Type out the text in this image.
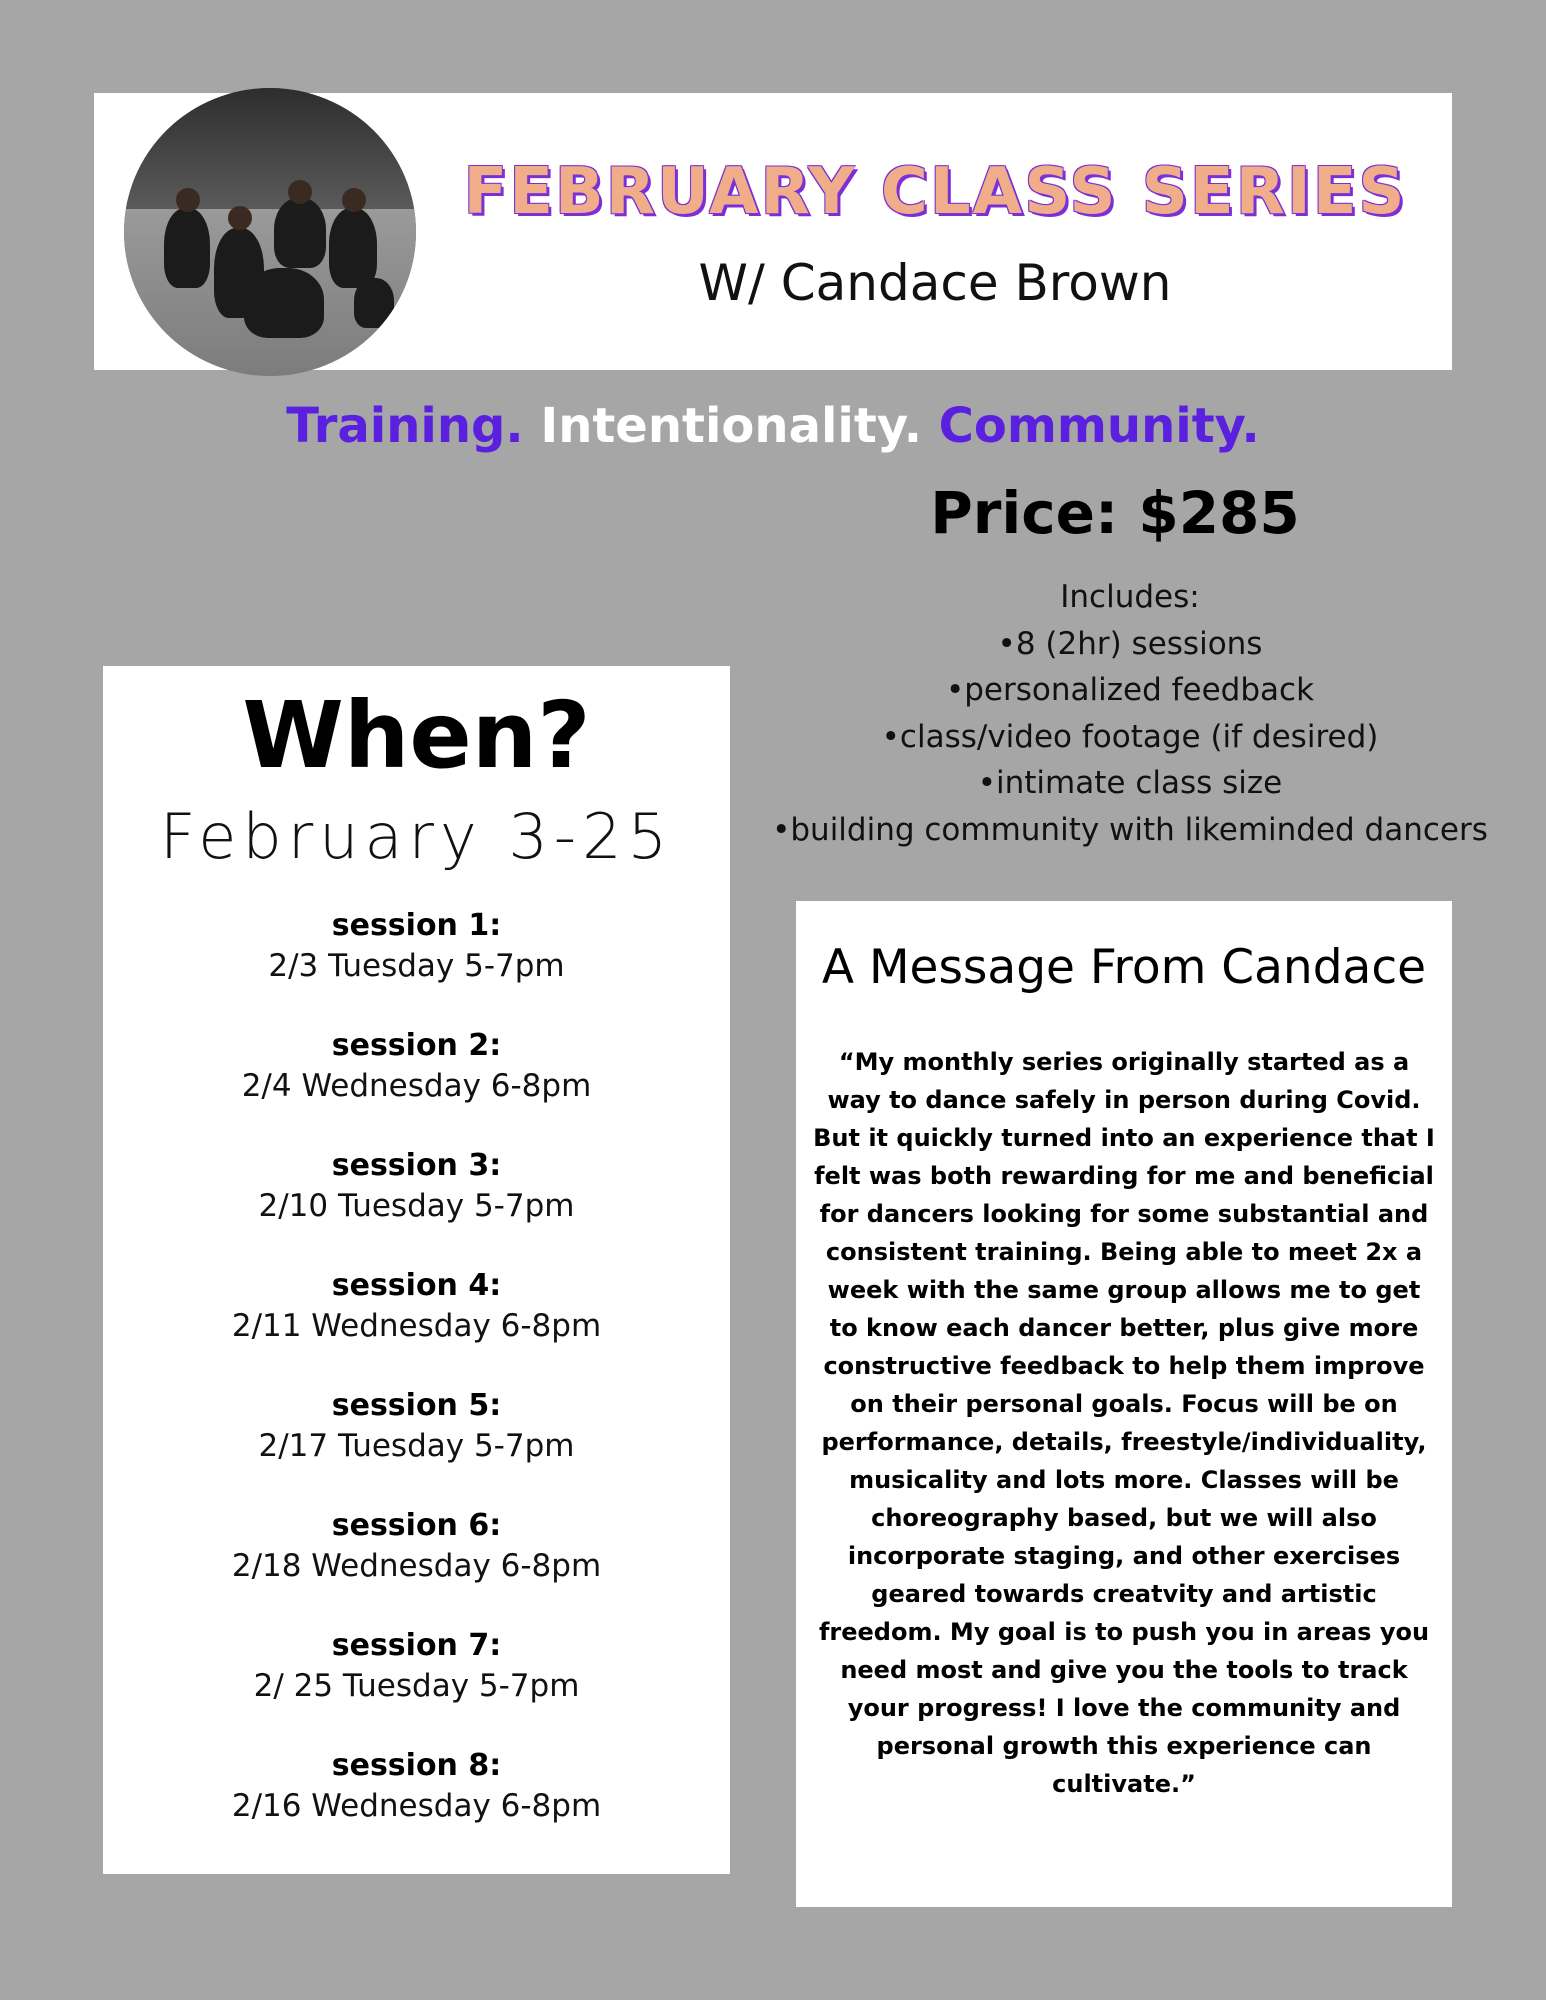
FEBRUARY CLASS SERIES
W/ Candace Brown
Training. Intentionality. Community.
Price: $285
Includes:
•8 (2hr) sessions
•personalized feedback
•class/video footage (if desired)
•intimate class size
•building community with likeminded dancers
When?
February 3-25
session 1:
2/3 Tuesday 5-7pm
session 2:
2/4 Wednesday 6-8pm
session 3:
2/10 Tuesday 5-7pm
session 4:
2/11 Wednesday 6-8pm
session 5:
2/17 Tuesday 5-7pm
session 6:
2/18 Wednesday 6-8pm
session 7:
2/ 25 Tuesday 5-7pm
session 8:
2/16 Wednesday 6-8pm
A Message From Candace
“My monthly series originally started as a
way to dance safely in person during Covid.
But it quickly turned into an experience that I
felt was both rewarding for me and beneficial
for dancers looking for some substantial and
consistent training. Being able to meet 2x a
week with the same group allows me to get
to know each dancer better, plus give more
constructive feedback to help them improve
on their personal goals. Focus will be on
performance, details, freestyle/individuality,
musicality and lots more. Classes will be
choreography based, but we will also
incorporate staging, and other exercises
geared towards creatvity and artistic
freedom. My goal is to push you in areas you
need most and give you the tools to track
your progress! I love the community and
personal growth this experience can
cultivate.”
